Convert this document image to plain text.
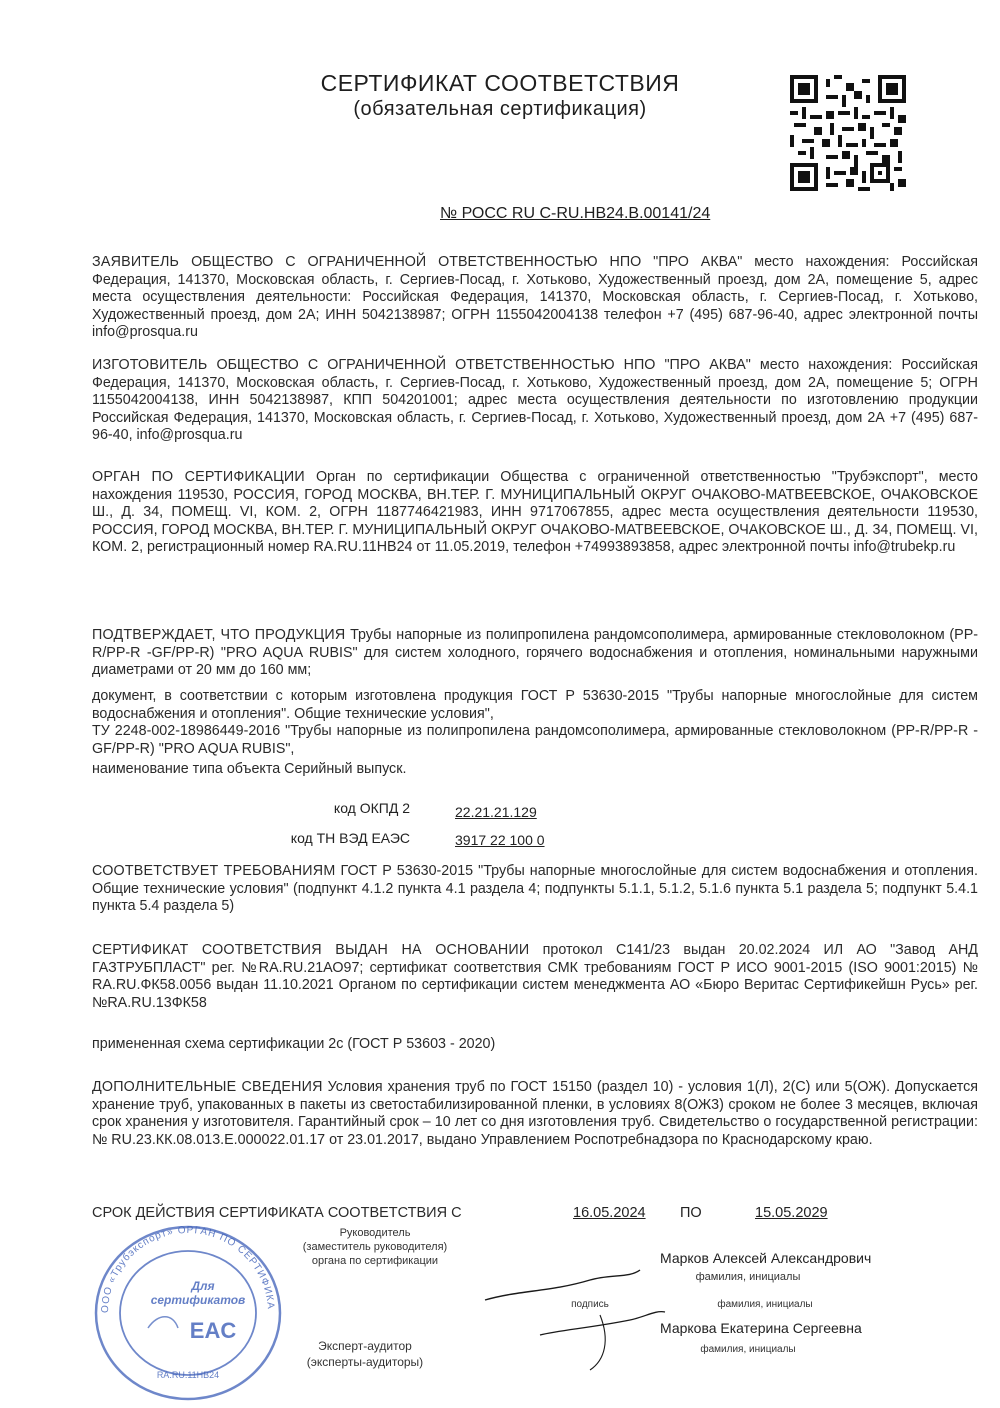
СЕРТИФИКАТ СООТВЕТСТВИЯ
(обязательная сертификация)
№ РОСС RU С-RU.НВ24.В.00141/24
ЗАЯВИТЕЛЬ ОБЩЕСТВО С ОГРАНИЧЕННОЙ ОТВЕТСТВЕННОСТЬЮ НПО "ПРО АКВА" место нахождения: Российская Федерация, 141370, Московская область, г. Сергиев-Посад, г. Хотьково, Художественный проезд, дом 2А, помещение 5, адрес места осуществления деятельности: Российская Федерация, 141370, Московская область, г. Сергиев-Посад, г. Хотьково, Художественный проезд, дом 2А; ИНН 5042138987; ОГРН 1155042004138 телефон +7 (495) 687-96-40, адрес электронной почты info@prosqua.ru
ИЗГОТОВИТЕЛЬ ОБЩЕСТВО С ОГРАНИЧЕННОЙ ОТВЕТСТВЕННОСТЬЮ НПО "ПРО АКВА" место нахождения: Российская Федерация, 141370, Московская область, г. Сергиев-Посад, г. Хотьково, Художественный проезд, дом 2А, помещение 5; ОГРН 1155042004138, ИНН 5042138987, КПП 504201001; адрес места осуществления деятельности по изготовлению продукции Российская Федерация, 141370, Московская область, г. Сергиев-Посад, г. Хотьково, Художественный проезд, дом 2А +7 (495) 687-96-40, info@prosqua.ru
ОРГАН ПО СЕРТИФИКАЦИИ Орган по сертификации Общества с ограниченной ответственностью "Трубэкспорт", место нахождения 119530, РОССИЯ, ГОРОД МОСКВА, ВН.ТЕР. Г. МУНИЦИПАЛЬНЫЙ ОКРУГ ОЧАКОВО-МАТВЕЕВСКОЕ, ОЧАКОВСКОЕ Ш., Д. 34, ПОМЕЩ. VI, КОМ. 2, ОГРН 1187746421983, ИНН 9717067855, адрес места осуществления деятельности 119530, РОССИЯ, ГОРОД МОСКВА, ВН.ТЕР. Г. МУНИЦИПАЛЬНЫЙ ОКРУГ ОЧАКОВО-МАТВЕЕВСКОЕ, ОЧАКОВСКОЕ Ш., Д. 34, ПОМЕЩ. VI, КОМ. 2, регистрационный номер RA.RU.11НВ24 от 11.05.2019, телефон +74993893858, адрес электронной почты info@trubekp.ru
ПОДТВЕРЖДАЕТ, ЧТО ПРОДУКЦИЯ Трубы напорные из полипропилена рандомсополимера, армированные стекловолокном (PP-R/PP-R -GF/PP-R) "PRO AQUA RUBIS" для систем холодного, горячего водоснабжения и отопления, номинальными наружными диаметрами от 20 мм до 160 мм;
документ, в соответствии с которым изготовлена продукция ГОСТ Р 53630-2015 "Трубы напорные многослойные для систем водоснабжения и отопления". Общие технические условия",
ТУ 2248-002-18986449-2016 "Трубы напорные из полипропилена рандомсополимера, армированные стекловолокном (PP-R/PP-R -GF/PP-R) "PRO AQUA RUBIS",
наименование типа объекта Серийный выпуск.
код ОКПД 2	22.21.21.129
код ТН ВЭД ЕАЭС	3917 22 100 0
СООТВЕТСТВУЕТ ТРЕБОВАНИЯМ ГОСТ Р 53630-2015 "Трубы напорные многослойные для систем водоснабжения и отопления. Общие технические условия" (подпункт 4.1.2 пункта 4.1 раздела 4; подпункты 5.1.1, 5.1.2, 5.1.6 пункта 5.1 раздела 5; подпункт 5.4.1 пункта 5.4 раздела 5)
СЕРТИФИКАТ СООТВЕТСТВИЯ ВЫДАН НА ОСНОВАНИИ протокол С141/23 выдан 20.02.2024 ИЛ АО "Завод АНД ГАЗТРУБПЛАСТ" рег. №RA.RU.21АО97; сертификат соответствия СМК требованиям ГОСТ Р ИСО 9001-2015 (ISO 9001:2015) № RA.RU.ФК58.0056 выдан 11.10.2021 Органом по сертификации систем менеджмента АО «Бюро Веритас Сертификейшн Русь» рег. №RA.RU.13ФК58
примененная схема сертификации 2с (ГОСТ Р 53603 - 2020)
ДОПОЛНИТЕЛЬНЫЕ СВЕДЕНИЯ Условия хранения труб по ГОСТ 15150 (раздел 10) - условия 1(Л), 2(С) или 5(ОЖ). Допускается хранение труб, упакованных в пакеты из светостабилизированной пленки, в условиях 8(ОЖ3) сроком не более 3 месяцев, включая срок хранения у изготовителя. Гарантийный срок – 10 лет со дня изготовления труб. Свидетельство о государственной регистрации: № RU.23.КК.08.013.Е.000022.01.17 от 23.01.2017, выдано Управлением Роспотребнадзора по Краснодарскому краю.
СРОК ДЕЙСТВИЯ СЕРТИФИКАТА СООТВЕТСТВИЯ С	16.05.2024 ПО	15.05.2029
Руководитель
(заместитель руководителя)
органа по сертификации	Марков Алексей Александрович
фамилия, инициалы
подпись	фамилия, инициалы
Эксперт-аудитор
(эксперты-аудиторы)
Маркова Екатерина Сергеевна
фамилия, инициалы
ООО «Трубэкспорт» ОРГАН ПО СЕРТИФИКА
Для
сертификатов
EAC
RA.RU.11НВ24
